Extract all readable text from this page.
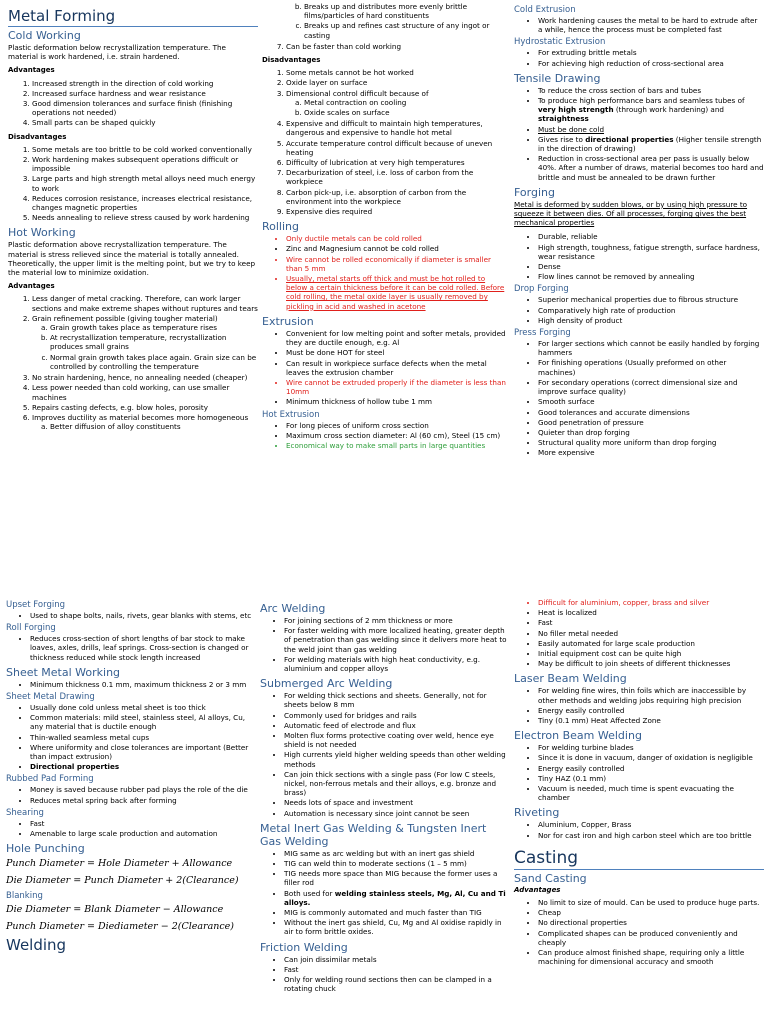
Metal Forming
Cold Working

Plastic deformation below recrystallization temperature. The material is work hardened, i.e. strain hardened.

Advantages
1. Increased strength in the direction of cold working
2. Increased surface hardness and wear resistance
3. Good dimension tolerances and surface finish (finishing operations not needed)
4. Small parts can be shaped quickly
Disadvantages
1. Some metals are too brittle to be cold worked conventionally
2. Work hardening makes subsequent operations difficult or impossible
3. Large parts and high strength metal alloys need much energy to work
4. Reduces corrosion resistance, increases electrical resistance, changes magnetic properties
5. Needs annealing to relieve stress caused by work hardening
Hot Working

Plastic deformation above recrystallization temperature. The material is stress relieved since the material is totally annealed. Theoretically, the upper limit is the melting point, but we try to keep the material low to minimize oxidation.

Advantages
1. Less danger of metal cracking. Therefore, can work larger sections and make extreme shapes without ruptures and tears
2. Grain refinement possible (giving tougher material)
a. Grain growth takes place as temperature rises
b. At recrystallization temperature, recrystallization produces small grains
c. Normal grain growth takes place again. Grain size can be controlled by controlling the temperature
3. No strain hardening, hence, no annealing needed (cheaper)
4. Less power needed than cold working, can use smaller machines
5. Repairs casting defects, e.g. blow holes, porosity
6. Improves ductility as material becomes more homogeneous
a. Better diffusion of alloy constituents
b. Breaks up and distributes more evenly brittle films/particles of hard constituents
c. Breaks up and refines cast structure of any ingot or casting
7. Can be faster than cold working
Disadvantages
1. Some metals cannot be hot worked
2. Oxide layer on surface
3. Dimensional control difficult because of
a. Metal contraction on cooling
b. Oxide scales on surface
4. Expensive and difficult to maintain high temperatures, dangerous and expensive to handle hot metal
5. Accurate temperature control difficult because of uneven heating
6. Difficulty of lubrication at very high temperatures
7. Decarburization of steel, i.e. loss of carbon from the workpiece
8. Carbon pick-up, i.e. absorption of carbon from the environment into the workpiece
9. Expensive dies required
Rolling
• Only ductile metals can be cold rolled
• Zinc and Magnesium cannot be cold rolled
• Wire cannot be rolled economically if diameter is smaller than 5 mm
• Usually, metal starts off thick and must be hot rolled to below a certain thickness before it can be cold rolled. Before cold rolling, the metal oxide layer is usually removed by pickling in acid and washed in acetone
Extrusion
• Convenient for low melting point and softer metals, provided they are ductile enough, e.g. Al
• Must be done HOT for steel
• Can result in workpiece surface defects when the metal leaves the extrusion chamber
• Wire cannot be extruded properly if the diameter is less than 10mm
• Minimum thickness of hollow tube 1 mm
Hot Extrusion
• For long pieces of uniform cross section
• Maximum cross section diameter: Al (60 cm), Steel (15 cm)
• Economical way to make small parts in large quantities
Cold Extrusion
• Work hardening causes the metal to be hard to extrude after a while, hence the process must be completed fast
Hydrostatic Extrusion
• For extruding brittle metals
• For achieving high reduction of cross-sectional area
Tensile Drawing
• To reduce the cross section of bars and tubes
• To produce high performance bars and seamless tubes of very high strength (through work hardening) and straightness
• Must be done cold
• Gives rise to directional properties (Higher tensile strength in the direction of drawing)
• Reduction in cross-sectional area per pass is usually below 40%. After a number of draws, material becomes too hard and brittle and must be annealed to be drawn further
Forging

Metal is deformed by sudden blows, or by using high pressure to squeeze it between dies. Of all processes, forging gives the best mechanical properties

• Durable, reliable
• High strength, toughness, fatigue strength, surface hardness, wear resistance
• Dense
• Flow lines cannot be removed by annealing
Drop Forging
• Superior mechanical properties due to fibrous structure
• Comparatively high rate of production
• High density of product
Press Forging
• For larger sections which cannot be easily handled by forging hammers
• For finishing operations (Usually preformed on other machines)
• For secondary operations (correct dimensional size and improve surface quality)
• Smooth surface
• Good tolerances and accurate dimensions
• Good penetration of pressure
• Quieter than drop forging
• Structural quality more uniform than drop forging
• More expensive
Upset Forging
• Used to shape bolts, nails, rivets, gear blanks with stems, etc
Roll Forging
• Reduces cross-section of short lengths of bar stock to make loaves, axles, drills, leaf springs. Cross-section is changed or thickness reduced while stock length increased
Sheet Metal Working
• Minimum thickness 0.1 mm, maximum thickness 2 or 3 mm
Sheet Metal Drawing
• Usually done cold unless metal sheet is too thick
• Common materials: mild steel, stainless steel, Al alloys, Cu, any material that is ductile enough
• Thin-walled seamless metal cups
• Where uniformity and close tolerances are important (Better than impact extrusion)
• Directional properties
Rubbed Pad Forming
• Money is saved because rubber pad plays the role of the die
• Reduces metal spring back after forming
Shearing
• Fast
• Amenable to large scale production and automation
Hole Punching
Punch Diameter = Hole Diameter + Allowance
Die Diameter = Punch Diameter + 2(Clearance)
Blanking
Die Diameter = Blank Diameter − Allowance
Punch Diameter = Diediameter − 2(Clearance)
Welding
Arc Welding
• For joining sections of 2 mm thickness or more
• For faster welding with more localized heating, greater depth of penetration than gas welding since it delivers more heat to the weld joint than gas welding
• For welding materials with high heat conductivity, e.g. aluminium and copper alloys
Submerged Arc Welding
• For welding thick sections and sheets. Generally, not for sheets below 8 mm
• Commonly used for bridges and rails
• Automatic feed of electrode and flux
• Molten flux forms protective coating over weld, hence eye shield is not needed
• High currents yield higher welding speeds than other welding methods
• Can join thick sections with a single pass (For low C steels, nickel, non-ferrous metals and their alloys, e.g. bronze and brass)
• Needs lots of space and investment
• Automation is necessary since joint cannot be seen
Metal Inert Gas Welding & Tungsten Inert Gas Welding
• MIG same as arc welding but with an inert gas shield
• TIG can weld thin to moderate sections (1 – 5 mm)
• TIG needs more space than MIG because the former uses a filler rod
• Both used for welding stainless steels, Mg, Al, Cu and Ti alloys.
• MIG is commonly automated and much faster than TIG
• Without the inert gas shield, Cu, Mg and Al oxidise rapidly in air to form brittle oxides.
Friction Welding
• Can join dissimilar metals
• Fast
• Only for welding round sections then can be clamped in a rotating chuck
• Difficult for aluminium, copper, brass and silver
• Heat is localized
• Fast
• No filler metal needed
• Easily automated for large scale production
• Initial equipment cost can be quite high
• May be difficult to join sheets of different thicknesses
Laser Beam Welding
• For welding fine wires, thin foils which are inaccessible by other methods and welding jobs requiring high precision
• Energy easily controlled
• Tiny (0.1 mm) Heat Affected Zone
Electron Beam Welding
• For welding turbine blades
• Since it is done in vacuum, danger of oxidation is negligible
• Energy easily controlled
• Tiny HAZ (0.1 mm)
• Vacuum is needed, much time is spent evacuating the chamber
Riveting
• Aluminium, Copper, Brass
• Nor for cast iron and high carbon steel which are too brittle
Casting
Sand Casting
Advantages
• No limit to size of mould. Can be used to produce huge parts.
• Cheap
• No directional properties
• Complicated shapes can be produced conveniently and cheaply
• Can produce almost finished shape, requiring only a little machining for dimensional accuracy and smooth
